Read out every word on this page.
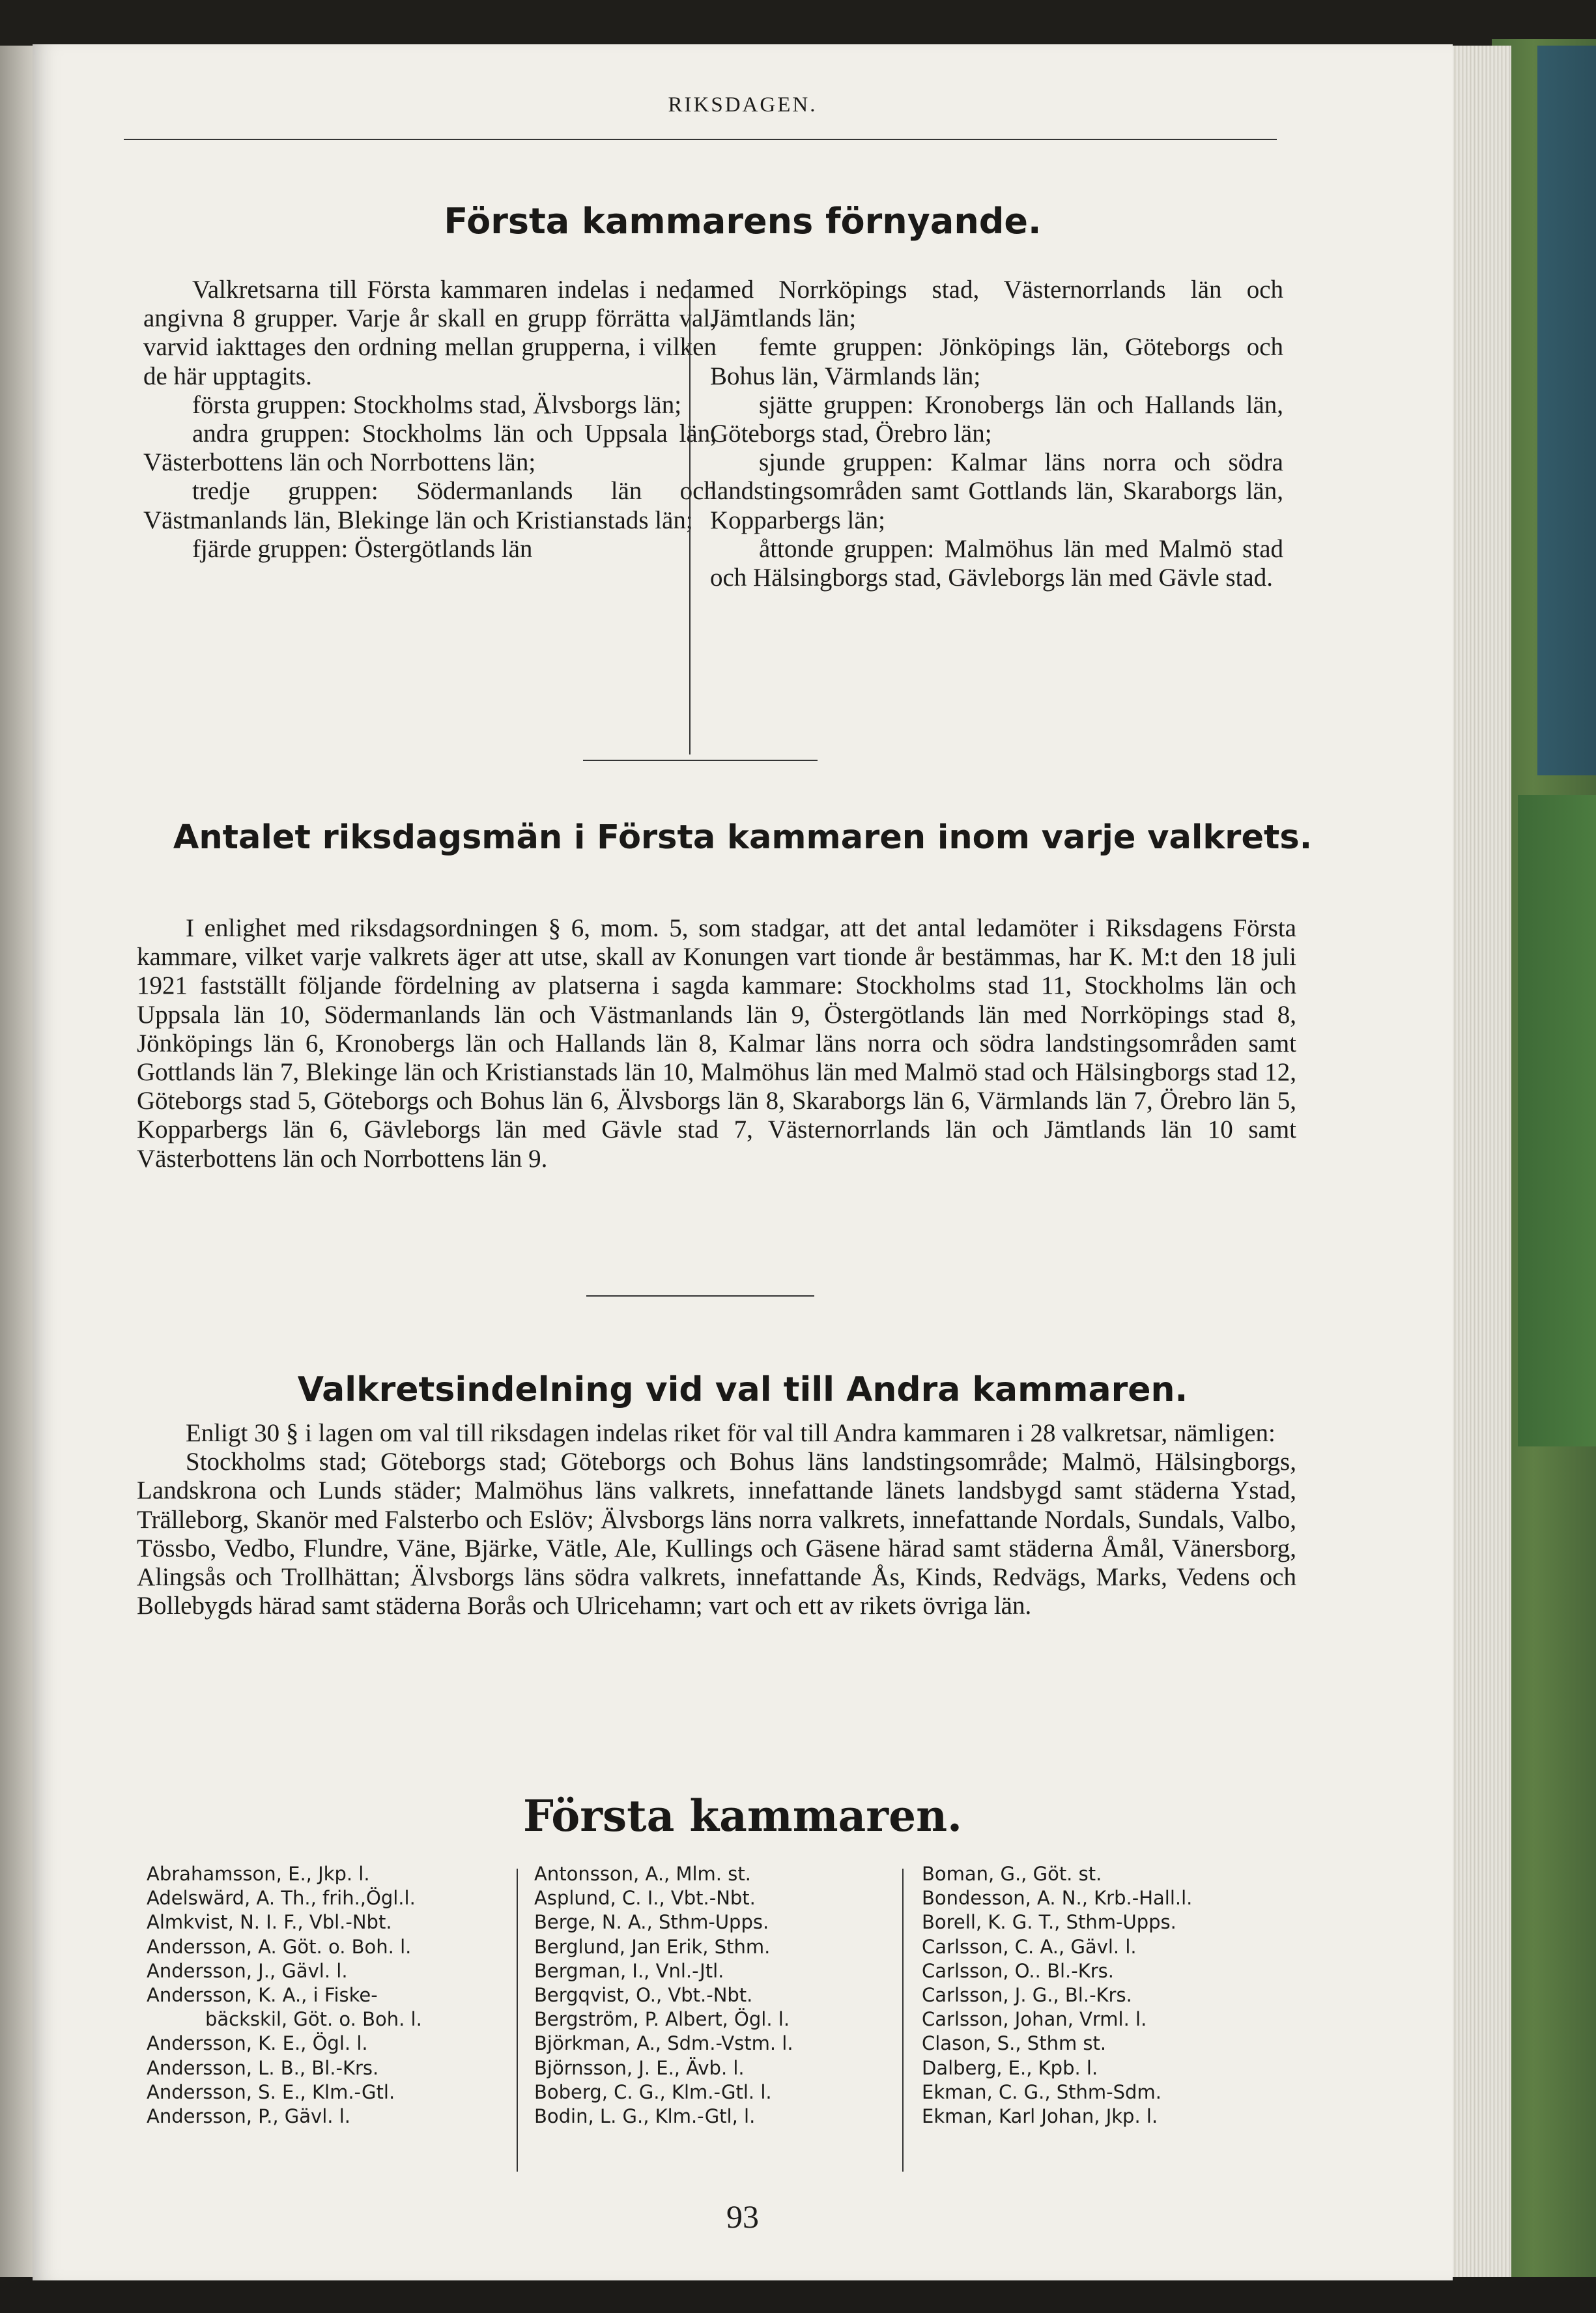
RIKSDAGEN.
Första kammarens förnyande.

Valkretsarna till Första kammaren indelas i nedan angivna 8 grupper. Varje år skall en grupp förrätta val, varvid iakttages den ordning mellan grupperna, i vilken de här upptagits.

första gruppen: Stockholms stad, Älvsborgs län;

andra gruppen: Stockholms län och Uppsala län, Västerbottens län och Norrbottens län;

tredje gruppen: Södermanlands län och Västmanlands län, Blekinge län och Kristianstads län;

fjärde gruppen: Östergötlands län

med Norrköpings stad, Västernorrlands län och Jämtlands län;

femte gruppen: Jönköpings län, Göteborgs och Bohus län, Värmlands län;

sjätte gruppen: Kronobergs län och Hallands län, Göteborgs stad, Örebro län;

sjunde gruppen: Kalmar läns norra och södra landstingsområden samt Gottlands län, Skaraborgs län, Kopparbergs län;

åttonde gruppen: Malmöhus län med Malmö stad och Hälsingborgs stad, Gävleborgs län med Gävle stad.

Antalet riksdagsmän i Första kammaren inom varje valkrets.

I enlighet med riksdagsordningen § 6, mom. 5, som stadgar, att det antal ledamöter i Riksdagens Första kammare, vilket varje valkrets äger att utse, skall av Konungen vart tionde år bestämmas, har K. M:t den 18 juli 1921 fastställt följande fördelning av platserna i sagda kammare: Stockholms stad 11, Stockholms län och Uppsala län 10, Södermanlands län och Västmanlands län 9, Östergötlands län med Norrköpings stad 8, Jönköpings län 6, Kronobergs län och Hallands län 8, Kalmar läns norra och södra landstingsområden samt Gottlands län 7, Blekinge län och Kristianstads län 10, Malmöhus län med Malmö stad och Hälsingborgs stad 12, Göteborgs stad 5, Göteborgs och Bohus län 6, Älvsborgs län 8, Skaraborgs län 6, Värmlands län 7, Örebro län 5, Kopparbergs län 6, Gävleborgs län med Gävle stad 7, Västernorrlands län och Jämtlands län 10 samt Västerbottens län och Norrbottens län 9.

Valkretsindelning vid val till Andra kammaren.

Enligt 30 § i lagen om val till riksdagen indelas riket för val till Andra kammaren i 28 valkretsar, nämligen:

Stockholms stad; Göteborgs stad; Göteborgs och Bohus läns landstingsområde; Malmö, Hälsingborgs, Landskrona och Lunds städer; Malmöhus läns valkrets, innefattande länets landsbygd samt städerna Ystad, Trälleborg, Skanör med Falsterbo och Eslöv; Älvsborgs läns norra valkrets, innefattande Nordals, Sundals, Valbo, Tössbo, Vedbo, Flundre, Väne, Bjärke, Vätle, Ale, Kullings och Gäsene härad samt städerna Åmål, Vänersborg, Alingsås och Trollhättan; Älvsborgs läns södra valkrets, innefattande Ås, Kinds, Redvägs, Marks, Vedens och Bollebygds härad samt städerna Borås och Ulricehamn; vart och ett av rikets övriga län.

Första kammaren.
Abrahamsson, E., Jkp. l.
Adelswärd, A. Th., frih.,Ögl.l.
Almkvist, N. I. F., Vbl.-Nbt.
Andersson, A. Göt. o. Boh. l.
Andersson, J., Gävl. l.
Andersson, K. A., i Fiske-
bäckskil, Göt. o. Boh. l.
Andersson, K. E., Ögl. l.
Andersson, L. B., Bl.-Krs.
Andersson, S. E., Klm.-Gtl.
Andersson, P., Gävl. l.
Antonsson, A., Mlm. st.
Asplund, C. I., Vbt.-Nbt.
Berge, N. A., Sthm-Upps.
Berglund, Jan Erik, Sthm.
Bergman, I., Vnl.-Jtl.
Bergqvist, O., Vbt.-Nbt.
Bergström, P. Albert, Ögl. l.
Björkman, A., Sdm.-Vstm. l.
Björnsson, J. E., Ävb. l.
Boberg, C. G., Klm.-Gtl. l.
Bodin, L. G., Klm.-Gtl, l.
Boman, G., Göt. st.
Bondesson, A. N., Krb.-Hall.l.
Borell, K. G. T., Sthm-Upps.
Carlsson, C. A., Gävl. l.
Carlsson, O.. Bl.-Krs.
Carlsson, J. G., Bl.-Krs.
Carlsson, Johan, Vrml. l.
Clason, S., Sthm st.
Dalberg, E., Kpb. l.
Ekman, C. G., Sthm-Sdm.
Ekman, Karl Johan, Jkp. l.
93
